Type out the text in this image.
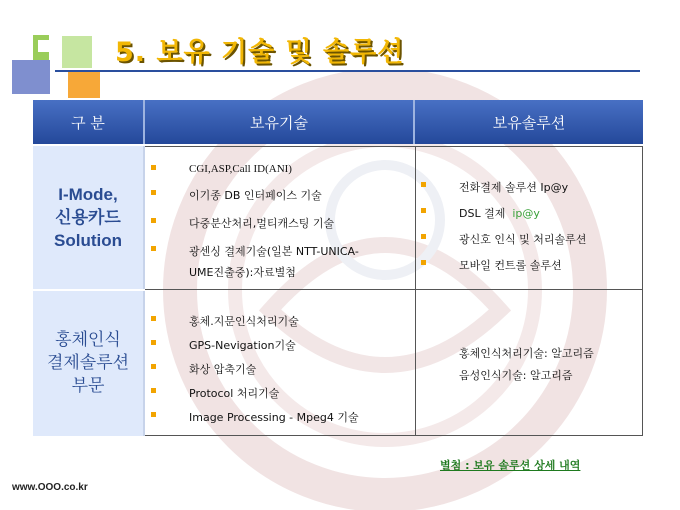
5. 보유 기술 및 솔루션
구 분	보유기술	보유솔루션
I-Mode,
신용카드
Solution
CGI,ASP,Call ID(ANI)
이기종 DB 인터페이스 기술
다중분산처리,멀티캐스팅 기술
광센싱 결제기술(일본 NTT-UNICA-
UME진출중):자료별첨
전화결제 솔루션 Ip@y
DSL 결제 ip@y
광신호 인식 및 처리솔루션
모바일 컨트롤 솔루션
홍체인식
결제솔루션
부문
홍체.지문인식처리기술
GPS-Nevigation기술
화상 압축기술
Protocol 처리기술
Image Processing - Mpeg4 기술
홍체인식처리기술: 알고리즘
음성인식기술: 알고리즘
별첨 : 보유 솔루션 상세 내역
www.OOO.co.kr
